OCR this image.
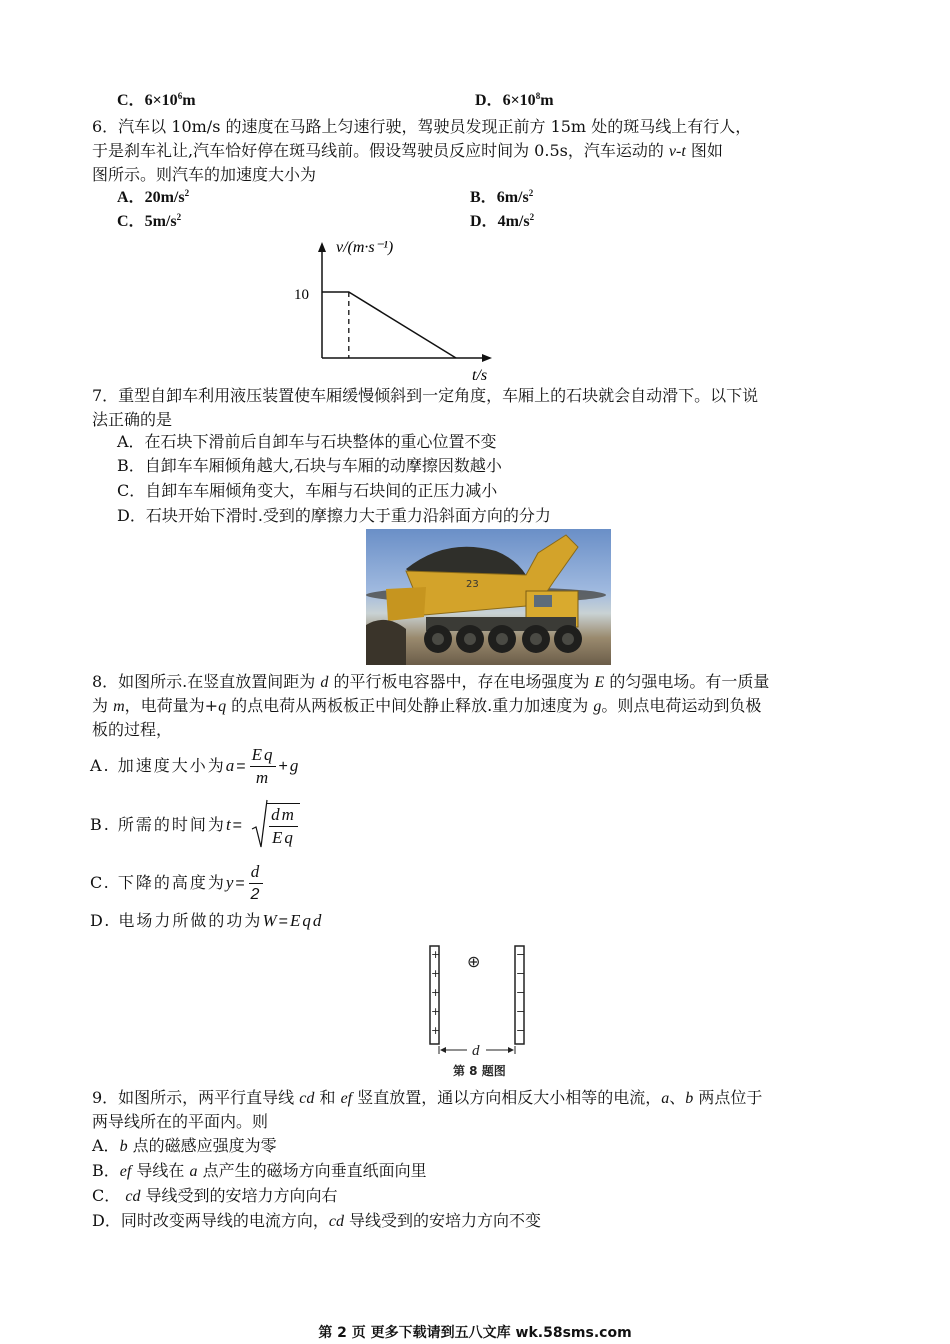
C．$6\times 10^6m$	D．$6\times 10^8m$
6．汽车以 10m/s 的速度在马路上匀速行驶，驾驶员发现正前方 15m 处的斑马线上有行人，
于是刹车礼让,汽车恰好停在斑马线前。假设驾驶员反应时间为 0.5s，汽车运动的 v-t 图如
图所示。则汽车的加速度大小为
A．$20m/s^2$	B．$6m/s^2$
C．$5m/s^2$	D．$4m/s^2$
v/(m·s⁻¹)
10
t/s
7．重型自卸车利用液压装置使车厢缓慢倾斜到一定角度，车厢上的石块就会自动滑下。以下说
法正确的是
A．在石块下滑前后自卸车与石块整体的重心位置不变
B．自卸车车厢倾角越大,石块与车厢的动摩擦因数越小
C．自卸车车厢倾角变大，车厢与石块间的正压力减小
D．石块开始下滑时.受到的摩擦力大于重力沿斜面方向的分力
23
8．如图所示.在竖直放置间距为 d 的平行板电容器中，存在电场强度为 E 的匀强电场。有一质量
为 m，电荷量为+q 的点电荷从两板板正中间处静止释放.重力加速度为 g。则点电荷运动到负极
板的过程，
A. 加速度大小为$a= \frac{Eq}{m} +g$
B. 所需的时间为$t= \frac{dm}{Eq}$
C. 下降的高度为$y= \frac{d}{2}$
D. 电场力所做的功为W=Eqd
+
+
+
+
+
−
−
−
−
−
⊕
d
第 8 题图
9．如图所示，两平行直导线 cd 和 ef 竖直放置，通以方向相反大小相等的电流，a、b 两点位于
两导线所在的平面内。则
A．b 点的磁感应强度为零
B．ef 导线在 a 点产生的磁场方向垂直纸面向里
C． cd 导线受到的安培力方向向右
D．同时改变两导线的电流方向，cd 导线受到的安培力方向不变
第 2 页 更多下载请到五八文库 wk.58sms.com
